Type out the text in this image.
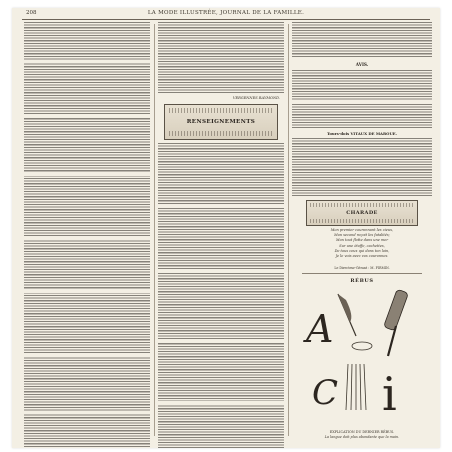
208	LA MODE ILLUSTRÉE, JOURNAL DE LA FAMILLE.
VERGENNES RAYMOND.
RENSEIGNEMENTS
AVIS.
Tours-dois VITAUX DE MAROUE.
CHARADE
Mon premier couronnant les cieux,
Mon second reçoit les fatalités;
Mon tout flotte dans une mer
Sur une étoffe, cachettes,
De tous ceux qui dans ton loin,
Je le vois avec vos couronnes.
Le Directeur-Gérant : M. FIRMIN.
RÉBUS
A
C i
EXPLICATION DU DERNIER RÉBUS.
La langue doit plus abondante que la main.
